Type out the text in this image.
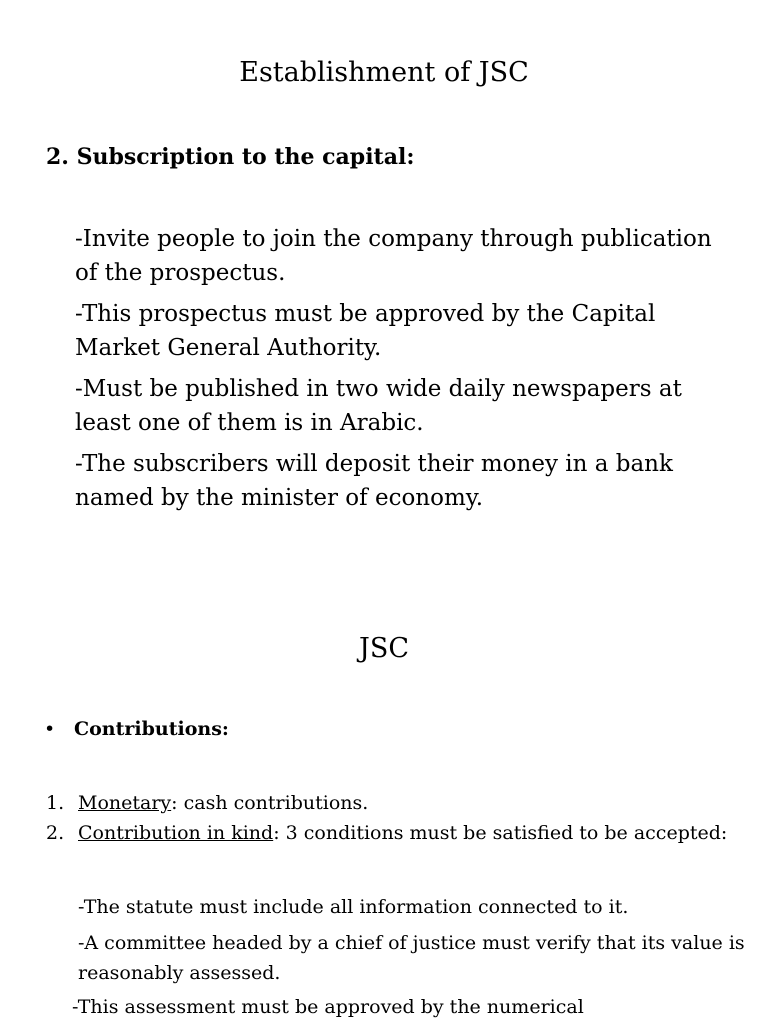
Establishment of JSC
2. Subscription to the capital:
-Invite people to join the company through publication of the prospectus.
-This prospectus must be approved by the Capital Market General Authority.
-Must be published in two wide daily newspapers at least one of them is in Arabic.
-The subscribers will deposit their money in a bank named by the minister of economy.
JSC
• Contributions:
1. Monetary: cash contributions.
2. Contribution in kind: 3 conditions must be satisfied to be accepted:
-The statute must include all information connected to it.
-A committee headed by a chief of justice must verify that its value is reasonably assessed.
-This assessment must be approved by the numerical
